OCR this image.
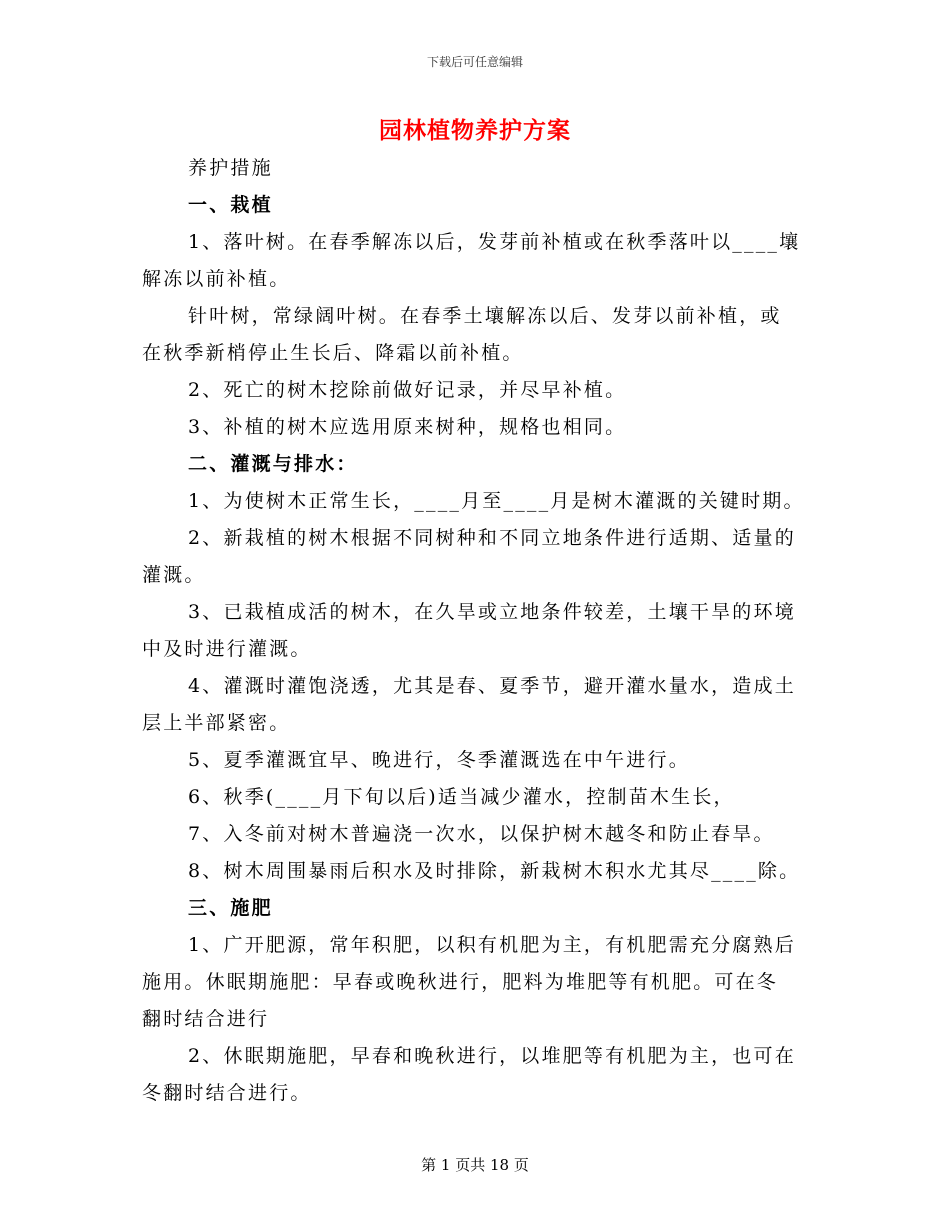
下载后可任意编辑
园林植物养护方案
养护措施
一、栽植
1、落叶树。在春季解冻以后，发芽前补植或在秋季落叶以____壤
解冻以前补植。
针叶树，常绿阔叶树。在春季土壤解冻以后、发芽以前补植，或
在秋季新梢停止生长后、降霜以前补植。
2、死亡的树木挖除前做好记录，并尽早补植。
3、补植的树木应选用原来树种，规格也相同。
二、灌溉与排水：
1、为使树木正常生长，____月至____月是树木灌溉的关键时期。
2、新栽植的树木根据不同树种和不同立地条件进行适期、适量的
灌溉。
3、已栽植成活的树木，在久旱或立地条件较差，土壤干旱的环境
中及时进行灌溉。
4、灌溉时灌饱浇透，尤其是春、夏季节，避开灌水量水，造成土
层上半部紧密。
5、夏季灌溉宜早、晚进行，冬季灌溉选在中午进行。
6、秋季(____月下旬以后)适当减少灌水，控制苗木生长，
7、入冬前对树木普遍浇一次水，以保护树木越冬和防止春旱。
8、树木周围暴雨后积水及时排除，新栽树木积水尤其尽____除。
三、施肥
1、广开肥源，常年积肥，以积有机肥为主，有机肥需充分腐熟后
施用。休眠期施肥：早春或晚秋进行，肥料为堆肥等有机肥。可在冬
翻时结合进行
2、休眠期施肥，早春和晚秋进行，以堆肥等有机肥为主，也可在
冬翻时结合进行。
第 1 页共 18 页
